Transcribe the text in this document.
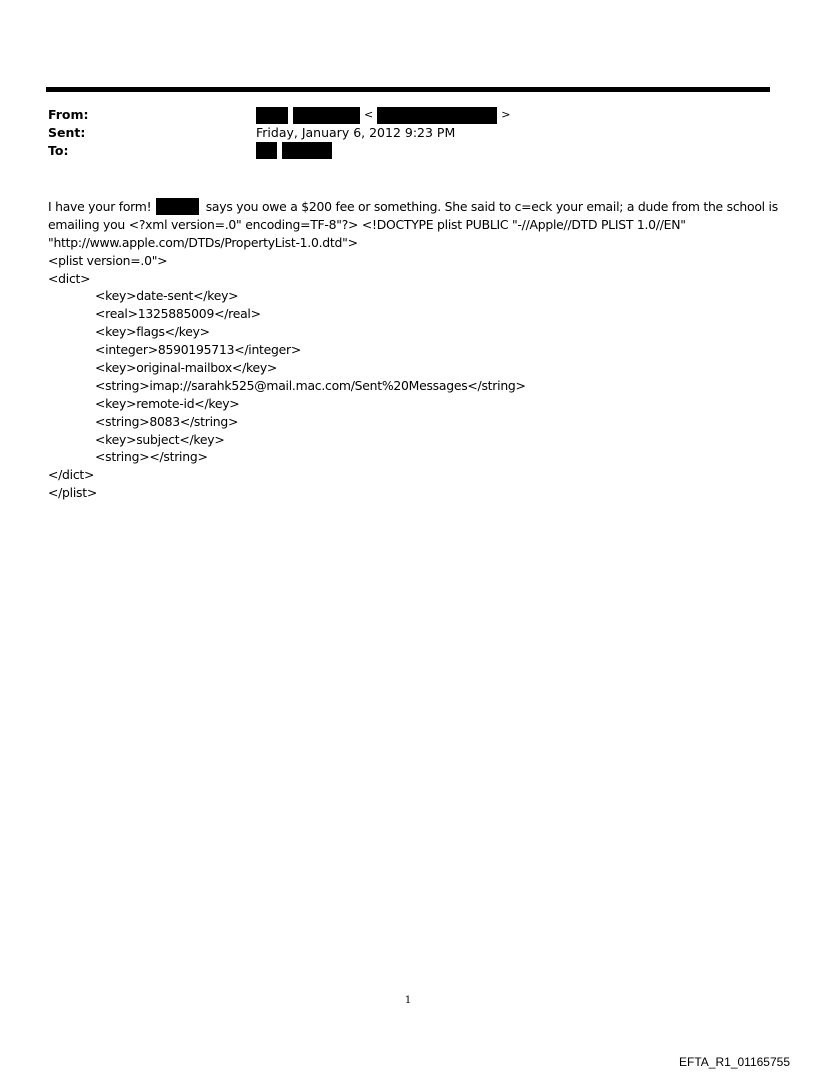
From:
Sent:
To:
<	>
Friday, January 6, 2012 9:23 PM
I have your form!	says you owe a $200 fee or something. She said to c=eck your email; a dude from the school is
emailing you <?xml version=.0" encoding=TF-8"?> <!DOCTYPE plist PUBLIC "-//Apple//DTD PLIST 1.0//EN"
"http://www.apple.com/DTDs/PropertyList-1.0.dtd">
<plist version=.0">
<dict>
<key>date-sent</key>
<real>1325885009</real>
<key>flags</key>
<integer>8590195713</integer>
<key>original-mailbox</key>
<string>imap://sarahk525@mail.mac.com/Sent%20Messages</string>
<key>remote-id</key>
<string>8083</string>
<key>subject</key>
<string></string>
</dict>
</plist>
1
EFTA_R1_01165755
